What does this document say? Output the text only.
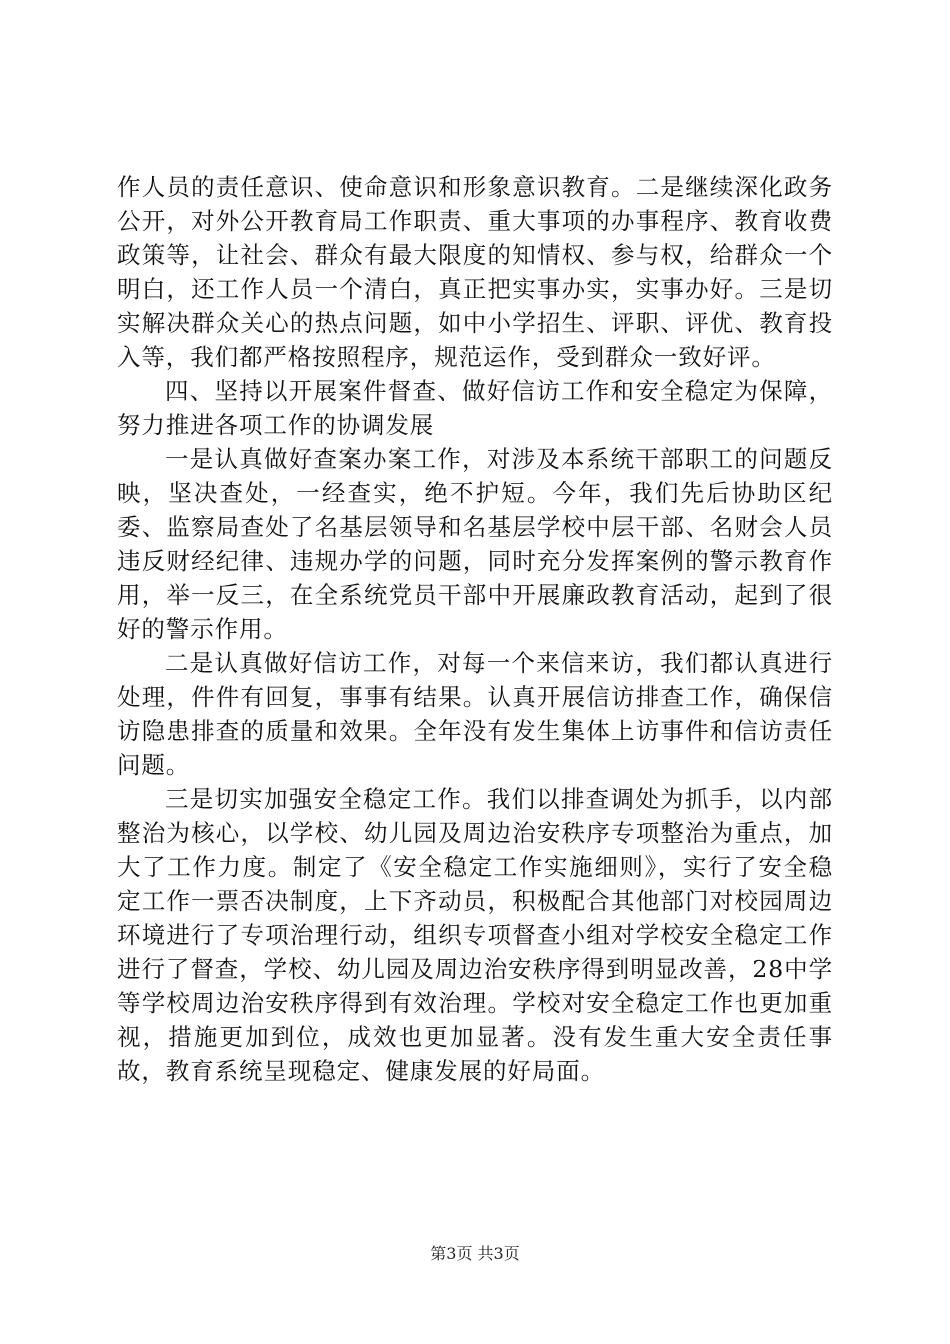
作人员的责任意识、使命意识和形象意识教育。二是继续深化政务公开，对外公开教育局工作职责、重大事项的办事程序、教育收费政策等，让社会、群众有最大限度的知情权、参与权，给群众一个明白，还工作人员一个清白，真正把实事办实，实事办好。三是切实解决群众关心的热点问题，如中小学招生、评职、评优、教育投入等，我们都严格按照程序，规范运作，受到群众一致好评。

四、坚持以开展案件督查、做好信访工作和安全稳定为保障，努力推进各项工作的协调发展

一是认真做好查案办案工作，对涉及本系统干部职工的问题反映，坚决查处，一经查实，绝不护短。今年，我们先后协助区纪委、监察局查处了名基层领导和名基层学校中层干部、名财会人员违反财经纪律、违规办学的问题，同时充分发挥案例的警示教育作用，举一反三，在全系统党员干部中开展廉政教育活动，起到了很好的警示作用。

二是认真做好信访工作，对每一个来信来访，我们都认真进行处理，件件有回复，事事有结果。认真开展信访排查工作，确保信访隐患排查的质量和效果。全年没有发生集体上访事件和信访责任问题。

三是切实加强安全稳定工作。我们以排查调处为抓手，以内部整治为核心，以学校、幼儿园及周边治安秩序专项整治为重点，加大了工作力度。制定了《安全稳定工作实施细则》，实行了安全稳定工作一票否决制度，上下齐动员，积极配合其他部门对校园周边环境进行了专项治理行动，组织专项督查小组对学校安全稳定工作进行了督查，学校、幼儿园及周边治安秩序得到明显改善，28中学等学校周边治安秩序得到有效治理。学校对安全稳定工作也更加重视，措施更加到位，成效也更加显著。没有发生重大安全责任事故，教育系统呈现稳定、健康发展的好局面。

第3页 共3页
